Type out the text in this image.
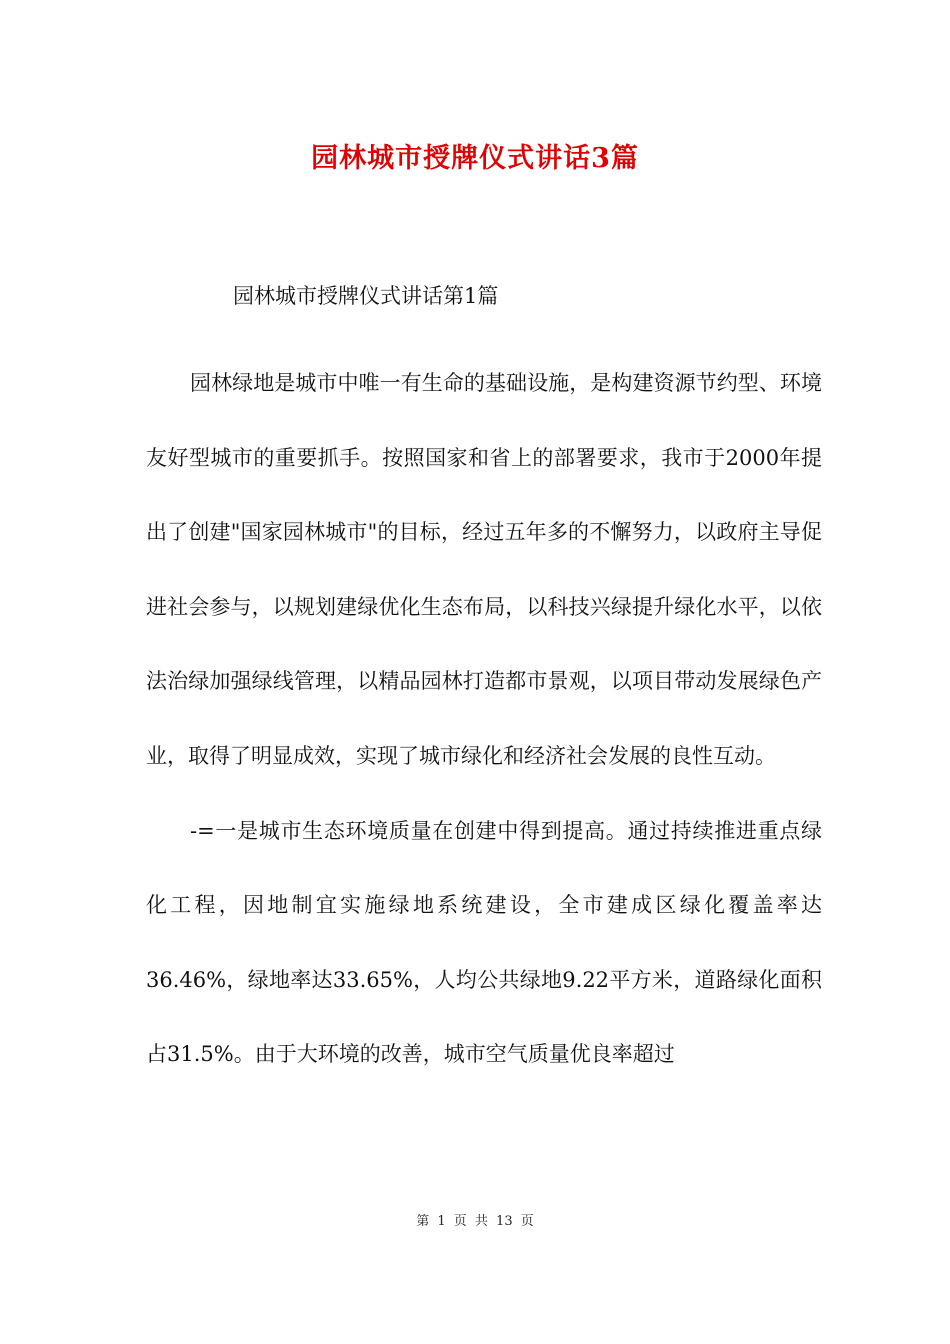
园林城市授牌仪式讲话3篇
园林城市授牌仪式讲话第1篇

园林绿地是城市中唯一有生命的基础设施，是构建资源节约型、环境友好型城市的重要抓手。按照国家和省上的部署要求，我市于2000年提出了创建"国家园林城市"的目标，经过五年多的不懈努力，以政府主导促进社会参与，以规划建绿优化生态布局，以科技兴绿提升绿化水平，以依法治绿加强绿线管理，以精品园林打造都市景观，以项目带动发展绿色产业，取得了明显成效，实现了城市绿化和经济社会发展的良性互动。

-=一是城市生态环境质量在创建中得到提高。通过持续推进重点绿化工程，因地制宜实施绿地系统建设，全市建成区绿化覆盖率达36.46%，绿地率达33.65%，人均公共绿地9.22平方米，道路绿化面积占31.5%。由于大环境的改善，城市空气质量优良率超过

第 1 页 共 13 页
